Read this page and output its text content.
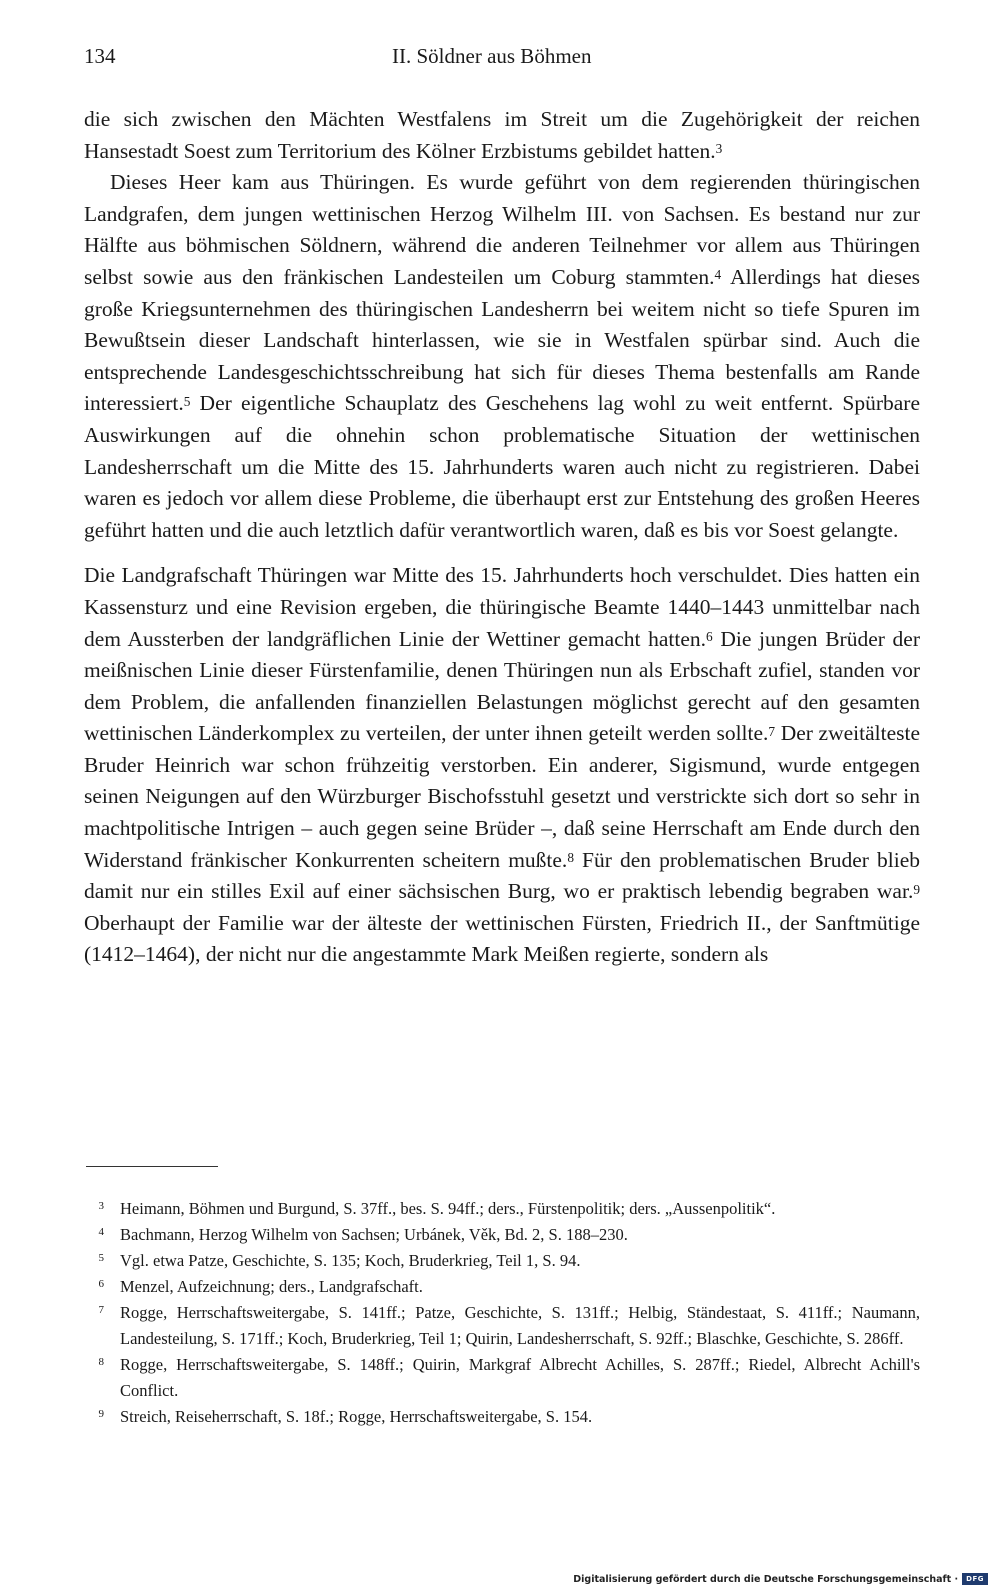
134	II. Söldner aus Böhmen

die sich zwischen den Mächten Westfalens im Streit um die Zugehörigkeit der reichen Hansestadt Soest zum Territorium des Kölner Erzbistums gebildet hatten.$^3$

Dieses Heer kam aus Thüringen. Es wurde geführt von dem regierenden thüringischen Landgrafen, dem jungen wettinischen Herzog Wilhelm III. von Sachsen. Es bestand nur zur Hälfte aus böhmischen Söldnern, während die anderen Teilnehmer vor allem aus Thüringen selbst sowie aus den fränkischen Landesteilen um Coburg stammten.$^4$ Allerdings hat dieses große Kriegsunternehmen des thüringischen Landesherrn bei weitem nicht so tiefe Spuren im Bewußtsein dieser Landschaft hinterlassen, wie sie in Westfalen spürbar sind. Auch die entsprechende Landesgeschichtsschreibung hat sich für dieses Thema bestenfalls am Rande interessiert.$^5$ Der eigentliche Schauplatz des Geschehens lag wohl zu weit entfernt. Spürbare Auswirkungen auf die ohnehin schon problematische Situation der wettinischen Landesherrschaft um die Mitte des 15. Jahrhunderts waren auch nicht zu registrieren. Dabei waren es jedoch vor allem diese Probleme, die überhaupt erst zur Entstehung des großen Heeres geführt hatten und die auch letztlich dafür verantwortlich waren, daß es bis vor Soest gelangte.

Die Landgrafschaft Thüringen war Mitte des 15. Jahrhunderts hoch verschuldet. Dies hatten ein Kassensturz und eine Revision ergeben, die thüringische Beamte 1440–1443 unmittelbar nach dem Aussterben der landgräflichen Linie der Wettiner gemacht hatten.$^6$ Die jungen Brüder der meißnischen Linie dieser Fürstenfamilie, denen Thüringen nun als Erbschaft zufiel, standen vor dem Problem, die anfallenden finanziellen Belastungen möglichst gerecht auf den gesamten wettinischen Länderkomplex zu verteilen, der unter ihnen geteilt werden sollte.$^7$ Der zweitälteste Bruder Heinrich war schon frühzeitig verstorben. Ein anderer, Sigismund, wurde entgegen seinen Neigungen auf den Würzburger Bischofsstuhl gesetzt und verstrickte sich dort so sehr in machtpolitische Intrigen – auch gegen seine Brüder –, daß seine Herrschaft am Ende durch den Widerstand fränkischer Konkurrenten scheitern mußte.$^8$ Für den problematischen Bruder blieb damit nur ein stilles Exil auf einer sächsischen Burg, wo er praktisch lebendig begraben war.$^9$ Oberhaupt der Familie war der älteste der wettinischen Fürsten, Friedrich II., der Sanftmütige (1412–1464), der nicht nur die angestammte Mark Meißen regierte, sondern als

3 Heimann, Böhmen und Burgund, S. 37ff., bes. S. 94ff.; ders., Fürstenpolitik; ders. „Aussenpolitik“.
4 Bachmann, Herzog Wilhelm von Sachsen; Urbánek, Věk, Bd. 2, S. 188–230.
5 Vgl. etwa Patze, Geschichte, S. 135; Koch, Bruderkrieg, Teil 1, S. 94.
6 Menzel, Aufzeichnung; ders., Landgrafschaft.
7 Rogge, Herrschaftsweitergabe, S. 141ff.; Patze, Geschichte, S. 131ff.; Helbig, Ständestaat, S. 411ff.; Naumann, Landesteilung, S. 171ff.; Koch, Bruderkrieg, Teil 1; Quirin, Landesherrschaft, S. 92ff.; Blaschke, Geschichte, S. 286ff.
8 Rogge, Herrschaftsweitergabe, S. 148ff.; Quirin, Markgraf Albrecht Achilles, S. 287ff.; Riedel, Albrecht Achill's Conflict.
9 Streich, Reiseherrschaft, S. 18f.; Rogge, Herrschaftsweitergabe, S. 154.
Digitalisierung gefördert durch die Deutsche Forschungsgemeinschaft ·	DFG
